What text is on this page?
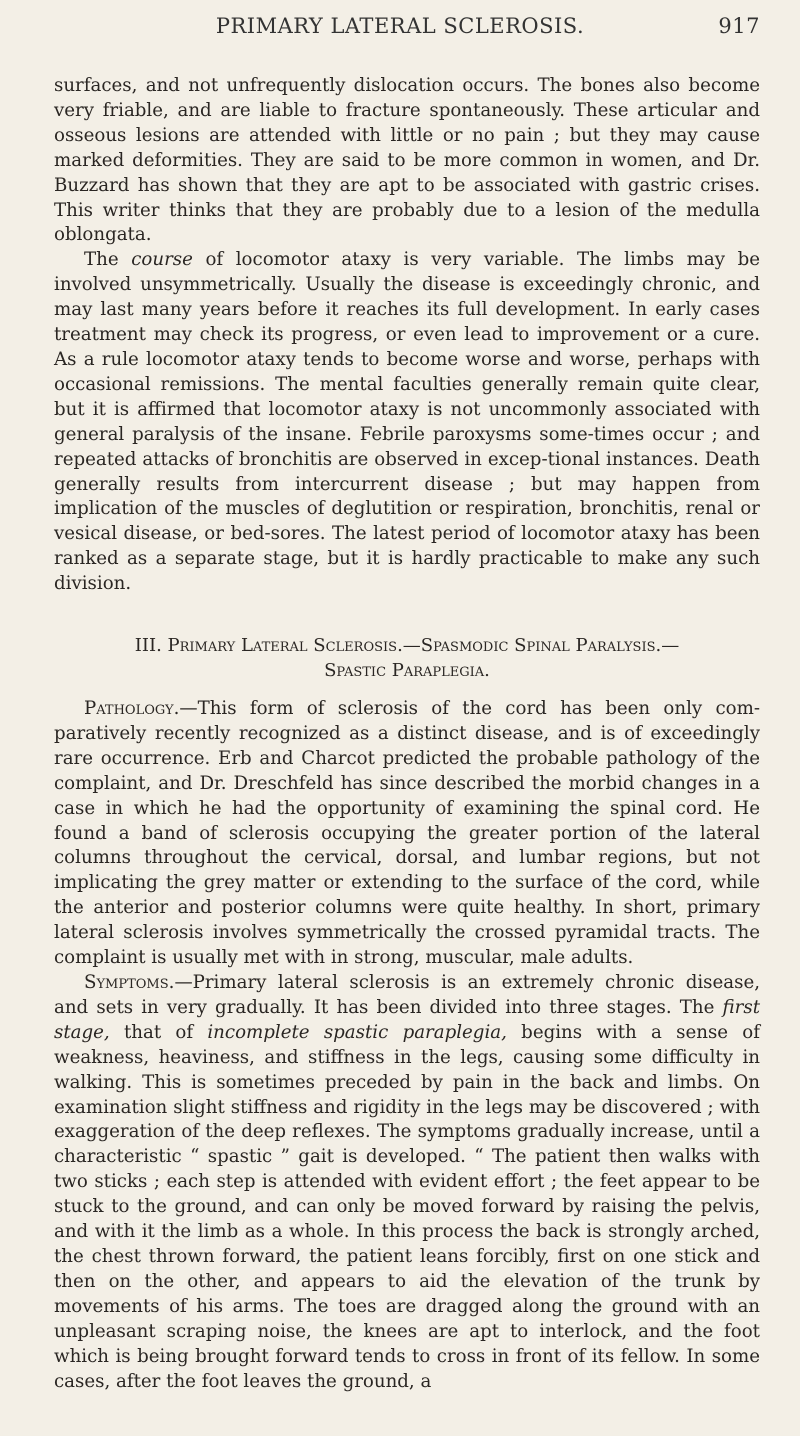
PRIMARY LATERAL SCLEROSIS.	917

surfaces, and not unfrequently dislocation occurs. The bones also become very friable, and are liable to fracture spontaneously. These articular and osseous lesions are attended with little or no pain ; but they may cause marked deformities. They are said to be more common in women, and Dr. Buzzard has shown that they are apt to be associated with gastric crises. This writer thinks that they are probably due to a lesion of the medulla oblongata.

The course of locomotor ataxy is very variable. The limbs may be involved unsymmetrically. Usually the disease is exceedingly chronic, and may last many years before it reaches its full development. In early cases treatment may check its progress, or even lead to improvement or a cure. As a rule locomotor ataxy tends to become worse and worse, perhaps with occasional remissions. The mental faculties generally remain quite clear, but it is affirmed that locomotor ataxy is not uncommonly associated with general paralysis of the insane. Febrile paroxysms some-times occur ; and repeated attacks of bronchitis are observed in excep-tional instances. Death generally results from intercurrent disease ; but may happen from implication of the muscles of deglutition or respiration, bronchitis, renal or vesical disease, or bed-sores. The latest period of locomotor ataxy has been ranked as a separate stage, but it is hardly practicable to make any such division.

III. Primary Lateral Sclerosis.—Spasmodic Spinal Paralysis.—
Spastic Paraplegia.

Pathology.—This form of sclerosis of the cord has been only com-paratively recently recognized as a distinct disease, and is of exceedingly rare occurrence. Erb and Charcot predicted the probable pathology of the complaint, and Dr. Dreschfeld has since described the morbid changes in a case in which he had the opportunity of examining the spinal cord. He found a band of sclerosis occupying the greater portion of the lateral columns throughout the cervical, dorsal, and lumbar regions, but not implicating the grey matter or extending to the surface of the cord, while the anterior and posterior columns were quite healthy. In short, primary lateral sclerosis involves symmetrically the crossed pyramidal tracts. The complaint is usually met with in strong, muscular, male adults.

Symptoms.—Primary lateral sclerosis is an extremely chronic disease, and sets in very gradually. It has been divided into three stages. The first stage, that of incomplete spastic paraplegia, begins with a sense of weakness, heaviness, and stiffness in the legs, causing some difficulty in walking. This is sometimes preceded by pain in the back and limbs. On examination slight stiffness and rigidity in the legs may be discovered ; with exaggeration of the deep reflexes. The symptoms gradually increase, until a characteristic “ spastic ” gait is developed. “ The patient then walks with two sticks ; each step is attended with evident effort ; the feet appear to be stuck to the ground, and can only be moved forward by raising the pelvis, and with it the limb as a whole. In this process the back is strongly arched, the chest thrown forward, the patient leans forcibly, first on one stick and then on the other, and appears to aid the elevation of the trunk by movements of his arms. The toes are dragged along the ground with an unpleasant scraping noise, the knees are apt to interlock, and the foot which is being brought forward tends to cross in front of its fellow. In some cases, after the foot leaves the ground, a
